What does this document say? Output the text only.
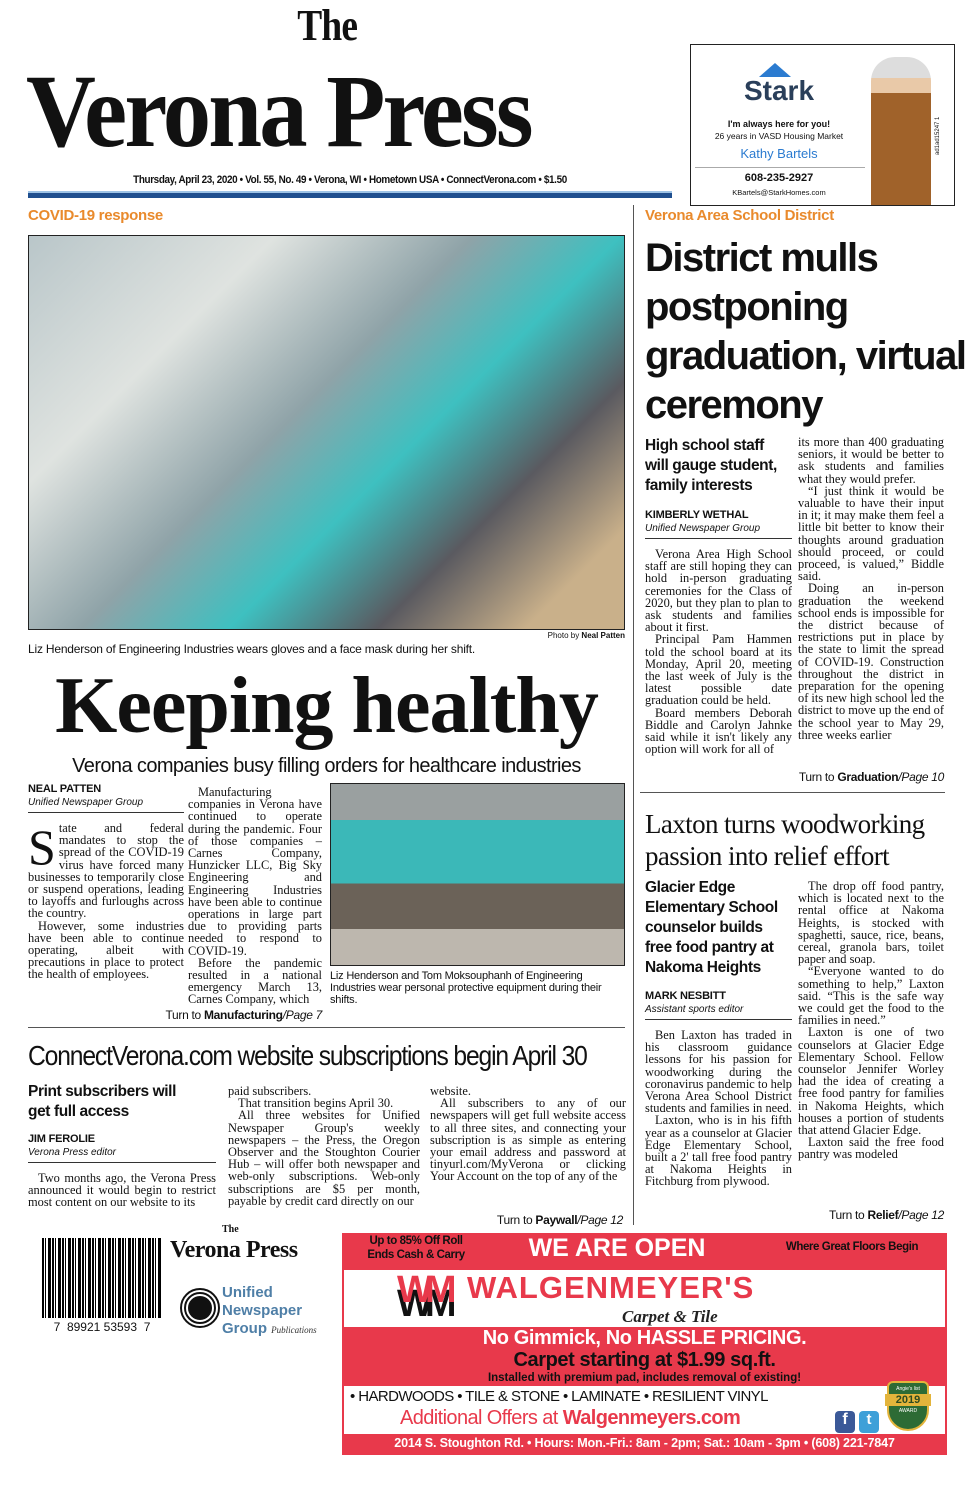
The
Verona Press
Thursday, April 23, 2020 • Vol. 55, No. 49 • Verona, WI • Hometown USA • ConnectVerona.com • $1.50
Stark
I'm always here for you!
26 years in VASD Housing Market
Kathy Bartels
608-235-2927
KBartels@StarkHomes.com
ad1ad15247 1
COVID-19 response
Photo by Neal Patten
Liz Henderson of Engineering Industries wears gloves and a face mask during her shift.
Keeping healthy
Verona companies busy filling orders for healthcare industries
NEAL PATTEN
Unified Newspaper Group

State and federal mandates to stop the spread of the COVID-19 virus have forced many businesses to temporarily close or suspend operations, leading to layoffs and furloughs across the country.

However, some industries have been able to continue operating, albeit with precautions in place to protect the health of employees.

Manufacturing companies in Verona have continued to operate during the pandemic. Four of those companies – Carnes Company, Hunzicker LLC, Big Sky Engineering and Engineering Industries have been able to continue operations in large part due to providing parts needed to respond to COVID-19.

Before the pandemic resulted in a national emergency March 13, Carnes Company, which

Turn to Manufacturing/Page 7
Liz Henderson and Tom Moksouphanh of Engineering Industries wear personal protective equipment during their shifts.
ConnectVerona.com website subscriptions begin April 30
Print subscribers will get full access
JIM FEROLIE
Verona Press editor

Two months ago, the Verona Press announced it would begin to restrict most content on our website to its

paid subscribers.

That transition begins April 30.

All three websites for Unified Newspaper Group's weekly newspapers – the Press, the Oregon Observer and the Stoughton Courier Hub – will offer both newspaper and web-only subscriptions. Web-only subscriptions are $5 per month, payable by credit card directly on our

website.

All subscribers to any of our newspapers will get full website access to all three sites, and connecting your subscription is as simple as entering your email address and password at tinyurl.com/MyVerona or clicking Your Account on the top of any of the

Turn to Paywall/Page 12
Verona Area School District
District mulls postponing graduation, virtual ceremony
High school staff will gauge student, family interests
KIMBERLY WETHAL
Unified Newspaper Group

Verona Area High School staff are still hoping they can hold in-person graduating ceremonies for the Class of 2020, but they plan to plan to ask students and families about it first.

Principal Pam Hammen told the school board at its Monday, April 20, meeting the last week of July is the latest possible date graduation could be held.

Board members Deborah Biddle and Carolyn Jahnke said while it isn't likely any option will work for all of

its more than 400 graduating seniors, it would be better to ask students and families what they would prefer.

“I just think it would be valuable to have their input in it; it may make them feel a little bit better to know their thoughts around graduation should proceed, or could proceed, is valued,” Biddle said.

Doing an in-person graduation the weekend school ends is impossible for the district because of restrictions put in place by the state to limit the spread of COVID-19. Construction throughout the district in preparation for the opening of its new high school led the district to move up the end of the school year to May 29, three weeks earlier

Turn to Graduation/Page 10
Laxton turns woodworking passion into relief effort
Glacier Edge Elementary School counselor builds free food pantry at Nakoma Heights
MARK NESBITT
Assistant sports editor

Ben Laxton has traded in his classroom guidance lessons for his passion for woodworking during the coronavirus pandemic to help Verona Area School District students and families in need.

Laxton, who is in his fifth year as a counselor at Glacier Edge Elementary School, built a 2' tall free food pantry at Nakoma Heights in Fitchburg from plywood.

The drop off food pantry, which is located next to the rental office at Nakoma Heights, is stocked with spaghetti, sauce, rice, beans, cereal, granola bars, toilet paper and soap.

“Everyone wanted to do something to help,” Laxton said. “This is the safe way we could get the food to the families in need.”

Laxton is one of two counselors at Glacier Edge Elementary School. Fellow counselor Jennifer Worley had the idea of creating a free food pantry for families in Nakoma Heights, which houses a portion of students that attend Glacier Edge.

Laxton said the free food pantry was modeled

Turn to Relief/Page 12
7  89921 53593  7
The
Verona Press
Unified
Newspaper
Group Publications
Up to 85% Off Roll Ends Cash & Carry	WE ARE OPEN	Where Great Floors Begin
WM WALGENMEYER'S
Carpet & Tile
No Gimmick, No HASSLE PRICING.
Carpet starting at $1.99 sq.ft.
Installed with premium pad, includes removal of existing!
• HARDWOODS • TILE & STONE • LAMINATE • RESILIENT VINYL
Additional Offers at Walgenmeyers.com	f	t
Angie's list
2019
AWARD
2014 S. Stoughton Rd. • Hours: Mon.-Fri.: 8am - 2pm; Sat.: 10am - 3pm • (608) 221-7847
